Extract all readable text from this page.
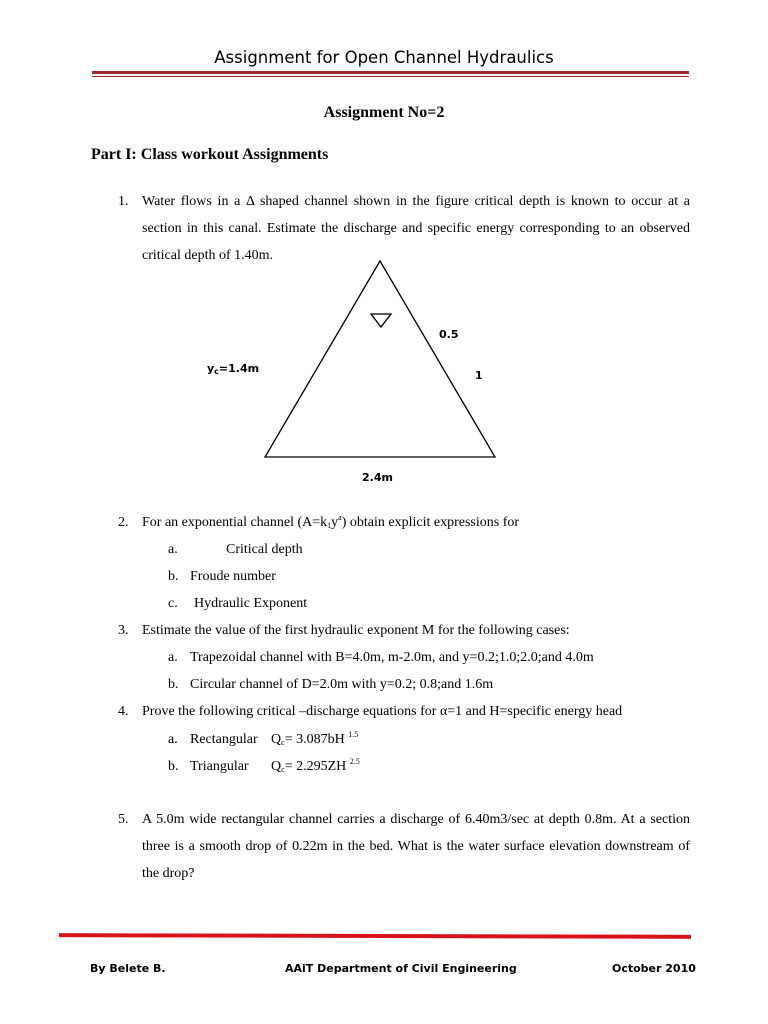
Assignment for Open Channel Hydraulics
Assignment No=2
Part I: Class workout Assignments
1. Water flows in a Δ shaped channel shown in the figure critical depth is known to occur at a section in this canal. Estimate the discharge and specific energy corresponding to an observed critical depth of 1.40m.
$y_c=1.4m$
0.5
1
2.4m
2. For an exponential channel $(A=k_1y^a)$ obtain explicit expressions for
a.	Critical depth
b. Froude number
c. Hydraulic Exponent
3. Estimate the value of the first hydraulic exponent M for the following cases:
a. Trapezoidal channel with B=4.0m, m-2.0m, and y=0.2;1.0;2.0;and 4.0m
b. Circular channel of D=2.0m with y=0.2; 0.8;and 1.6m
4. Prove the following critical –discharge equations for α=1 and H=specific energy head
a. Rectangular $Q_c= 3.087bH$ $^{1.5}$
b. Triangular $Q_c= 2.295ZH$ $^{2.5}$
5. A 5.0m wide rectangular channel carries a discharge of 6.40m3/sec at depth 0.8m. At a section three is a smooth drop of 0.22m in the bed. What is the water surface elevation downstream of the drop?
By Belete B.	AAiT Department of Civil Engineering	October 2010
